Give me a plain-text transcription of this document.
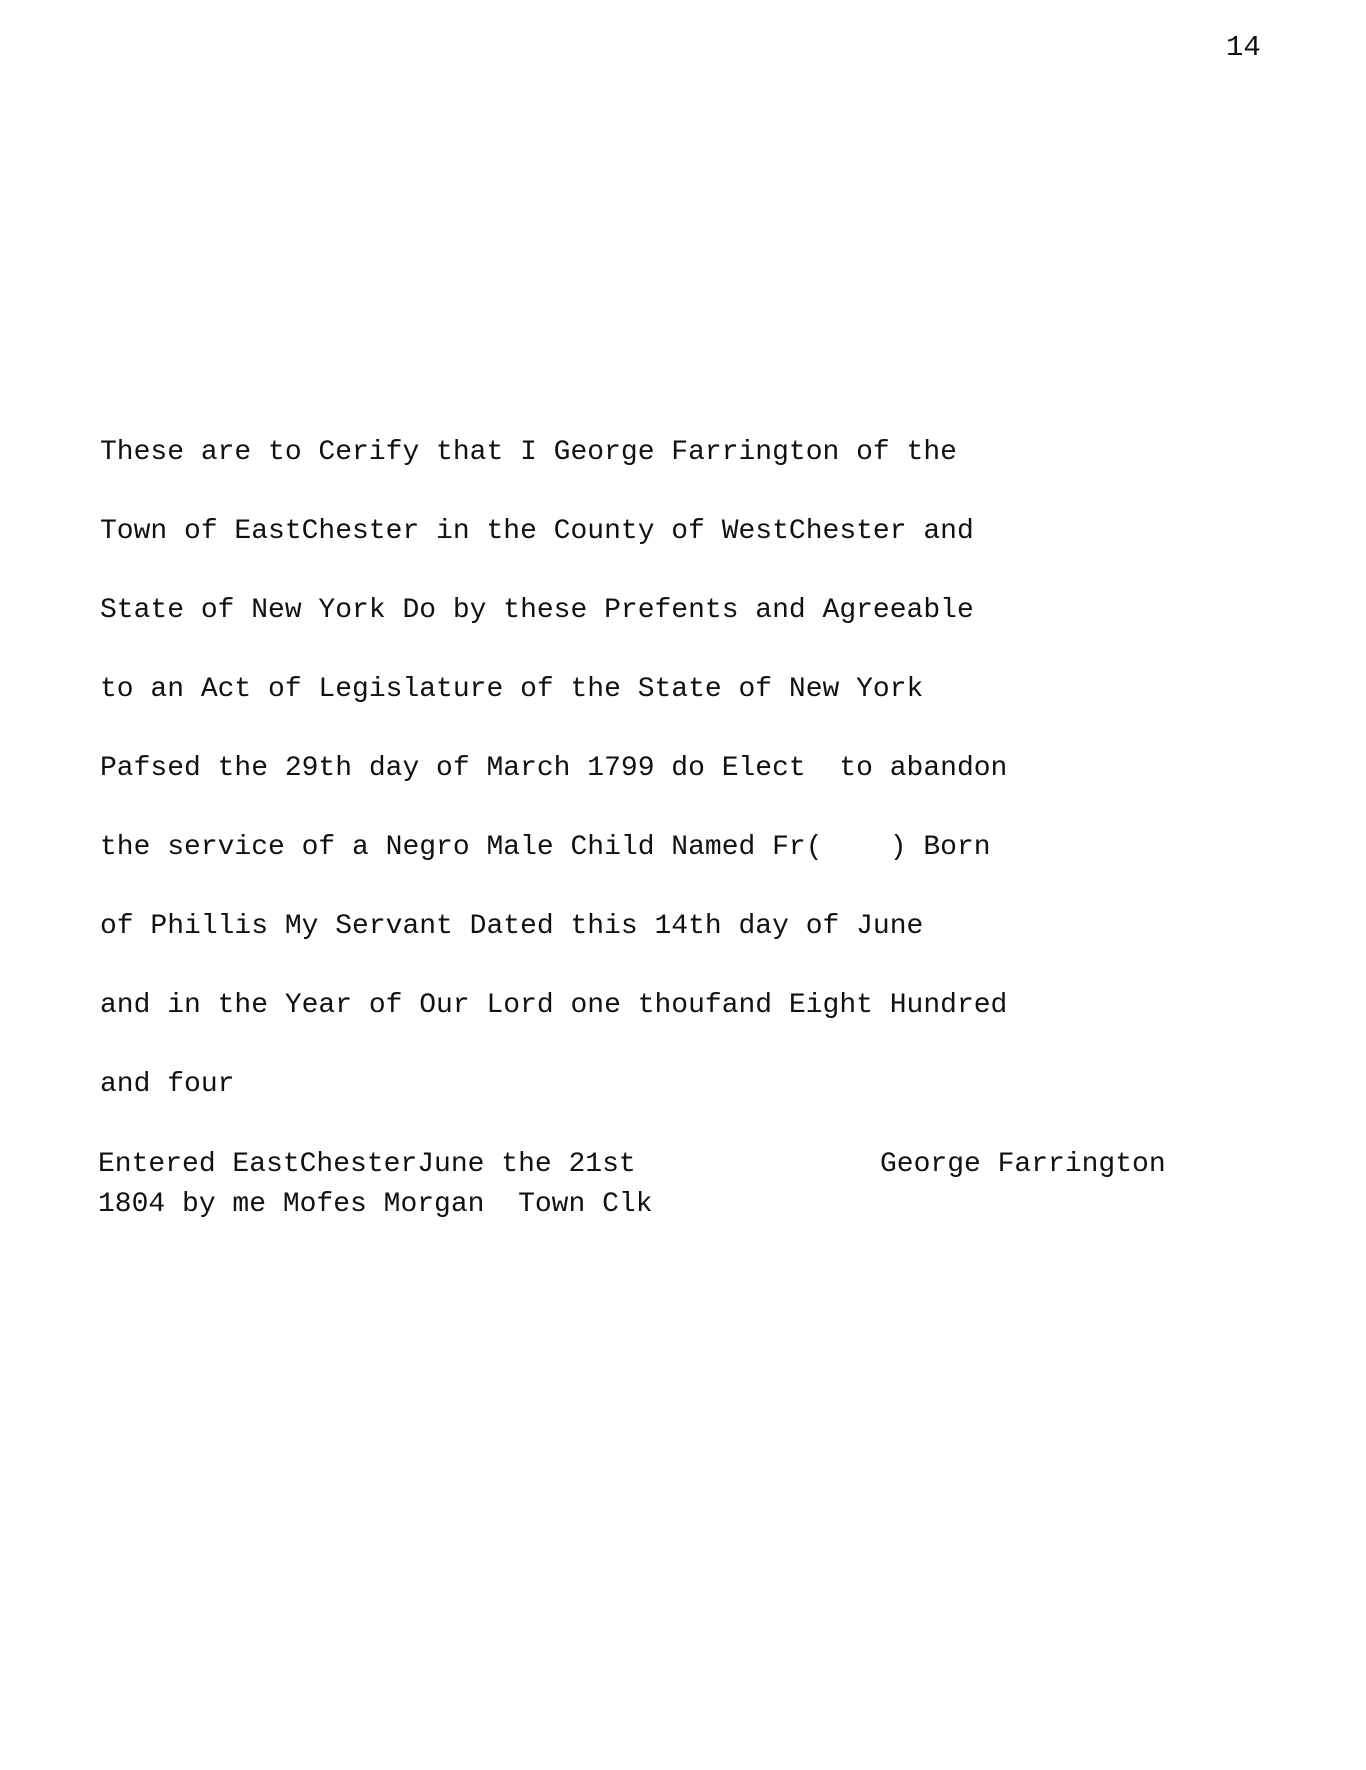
14
These are to Cerify that I George Farrington of the
Town of EastChester in the County of WestChester and
State of New York Do by these Prefents and Agreeable
to an Act of Legislature of the State of New York
Pafsed the 29th day of March 1799 do Elect  to abandon
the service of a Negro Male Child Named Fr(    ) Born
of Phillis My Servant Dated this 14th day of June
and in the Year of Our Lord one thoufand Eight Hundred
and four

Entered EastChesterJune the 21st

	George Farrington

1804 by me Mofes Morgan  Town Clk
